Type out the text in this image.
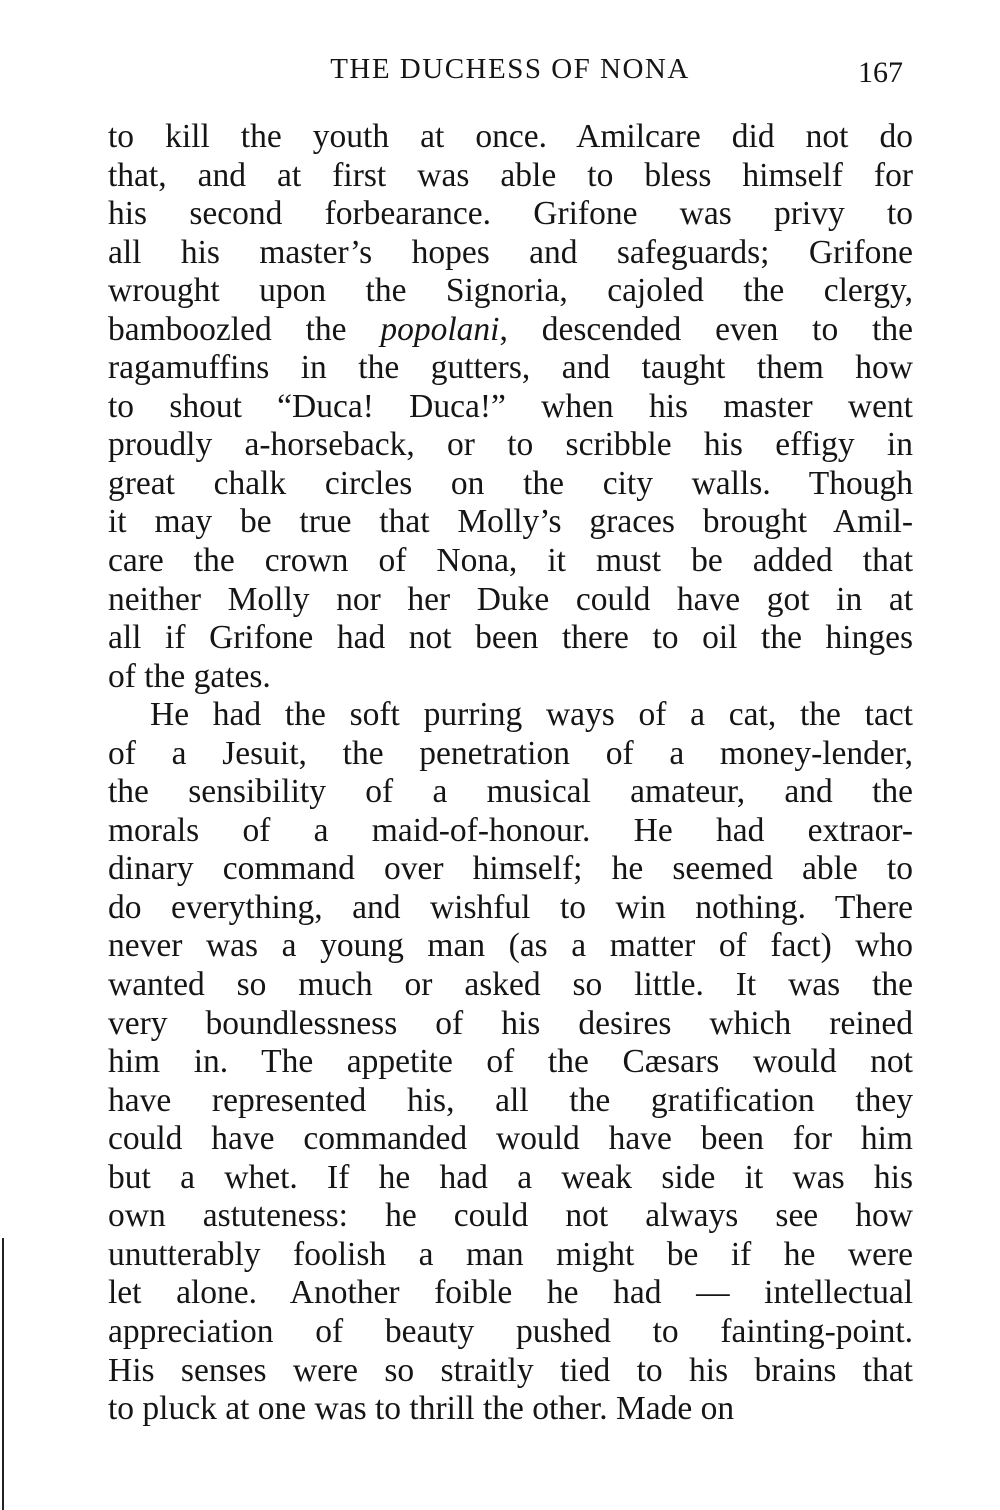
THE DUCHESS OF NONA	167
to kill the youth at once. Amilcare did not do
that, and at first was able to bless himself for
his second forbearance. Grifone was privy to
all his master’s hopes and safeguards; Grifone
wrought upon the Signoria, cajoled the clergy,
bamboozled the popolani, descended even to the
ragamuffins in the gutters, and taught them how
to shout “Duca! Duca!” when his master went
proudly a-horseback, or to scribble his effigy in
great chalk circles on the city walls. Though
it may be true that Molly’s graces brought Amil-
care the crown of Nona, it must be added that
neither Molly nor her Duke could have got in at
all if Grifone had not been there to oil the hinges
of the gates.
He had the soft purring ways of a cat, the tact
of a Jesuit, the penetration of a money-lender,
the sensibility of a musical amateur, and the
morals of a maid-of-honour. He had extraor-
dinary command over himself; he seemed able to
do everything, and wishful to win nothing. There
never was a young man (as a matter of fact) who
wanted so much or asked so little. It was the
very boundlessness of his desires which reined
him in. The appetite of the Cæsars would not
have represented his, all the gratification they
could have commanded would have been for him
but a whet. If he had a weak side it was his
own astuteness: he could not always see how
unutterably foolish a man might be if he were
let alone. Another foible he had — intellectual
appreciation of beauty pushed to fainting-point.
His senses were so straitly tied to his brains that
to pluck at one was to thrill the other. Made on
